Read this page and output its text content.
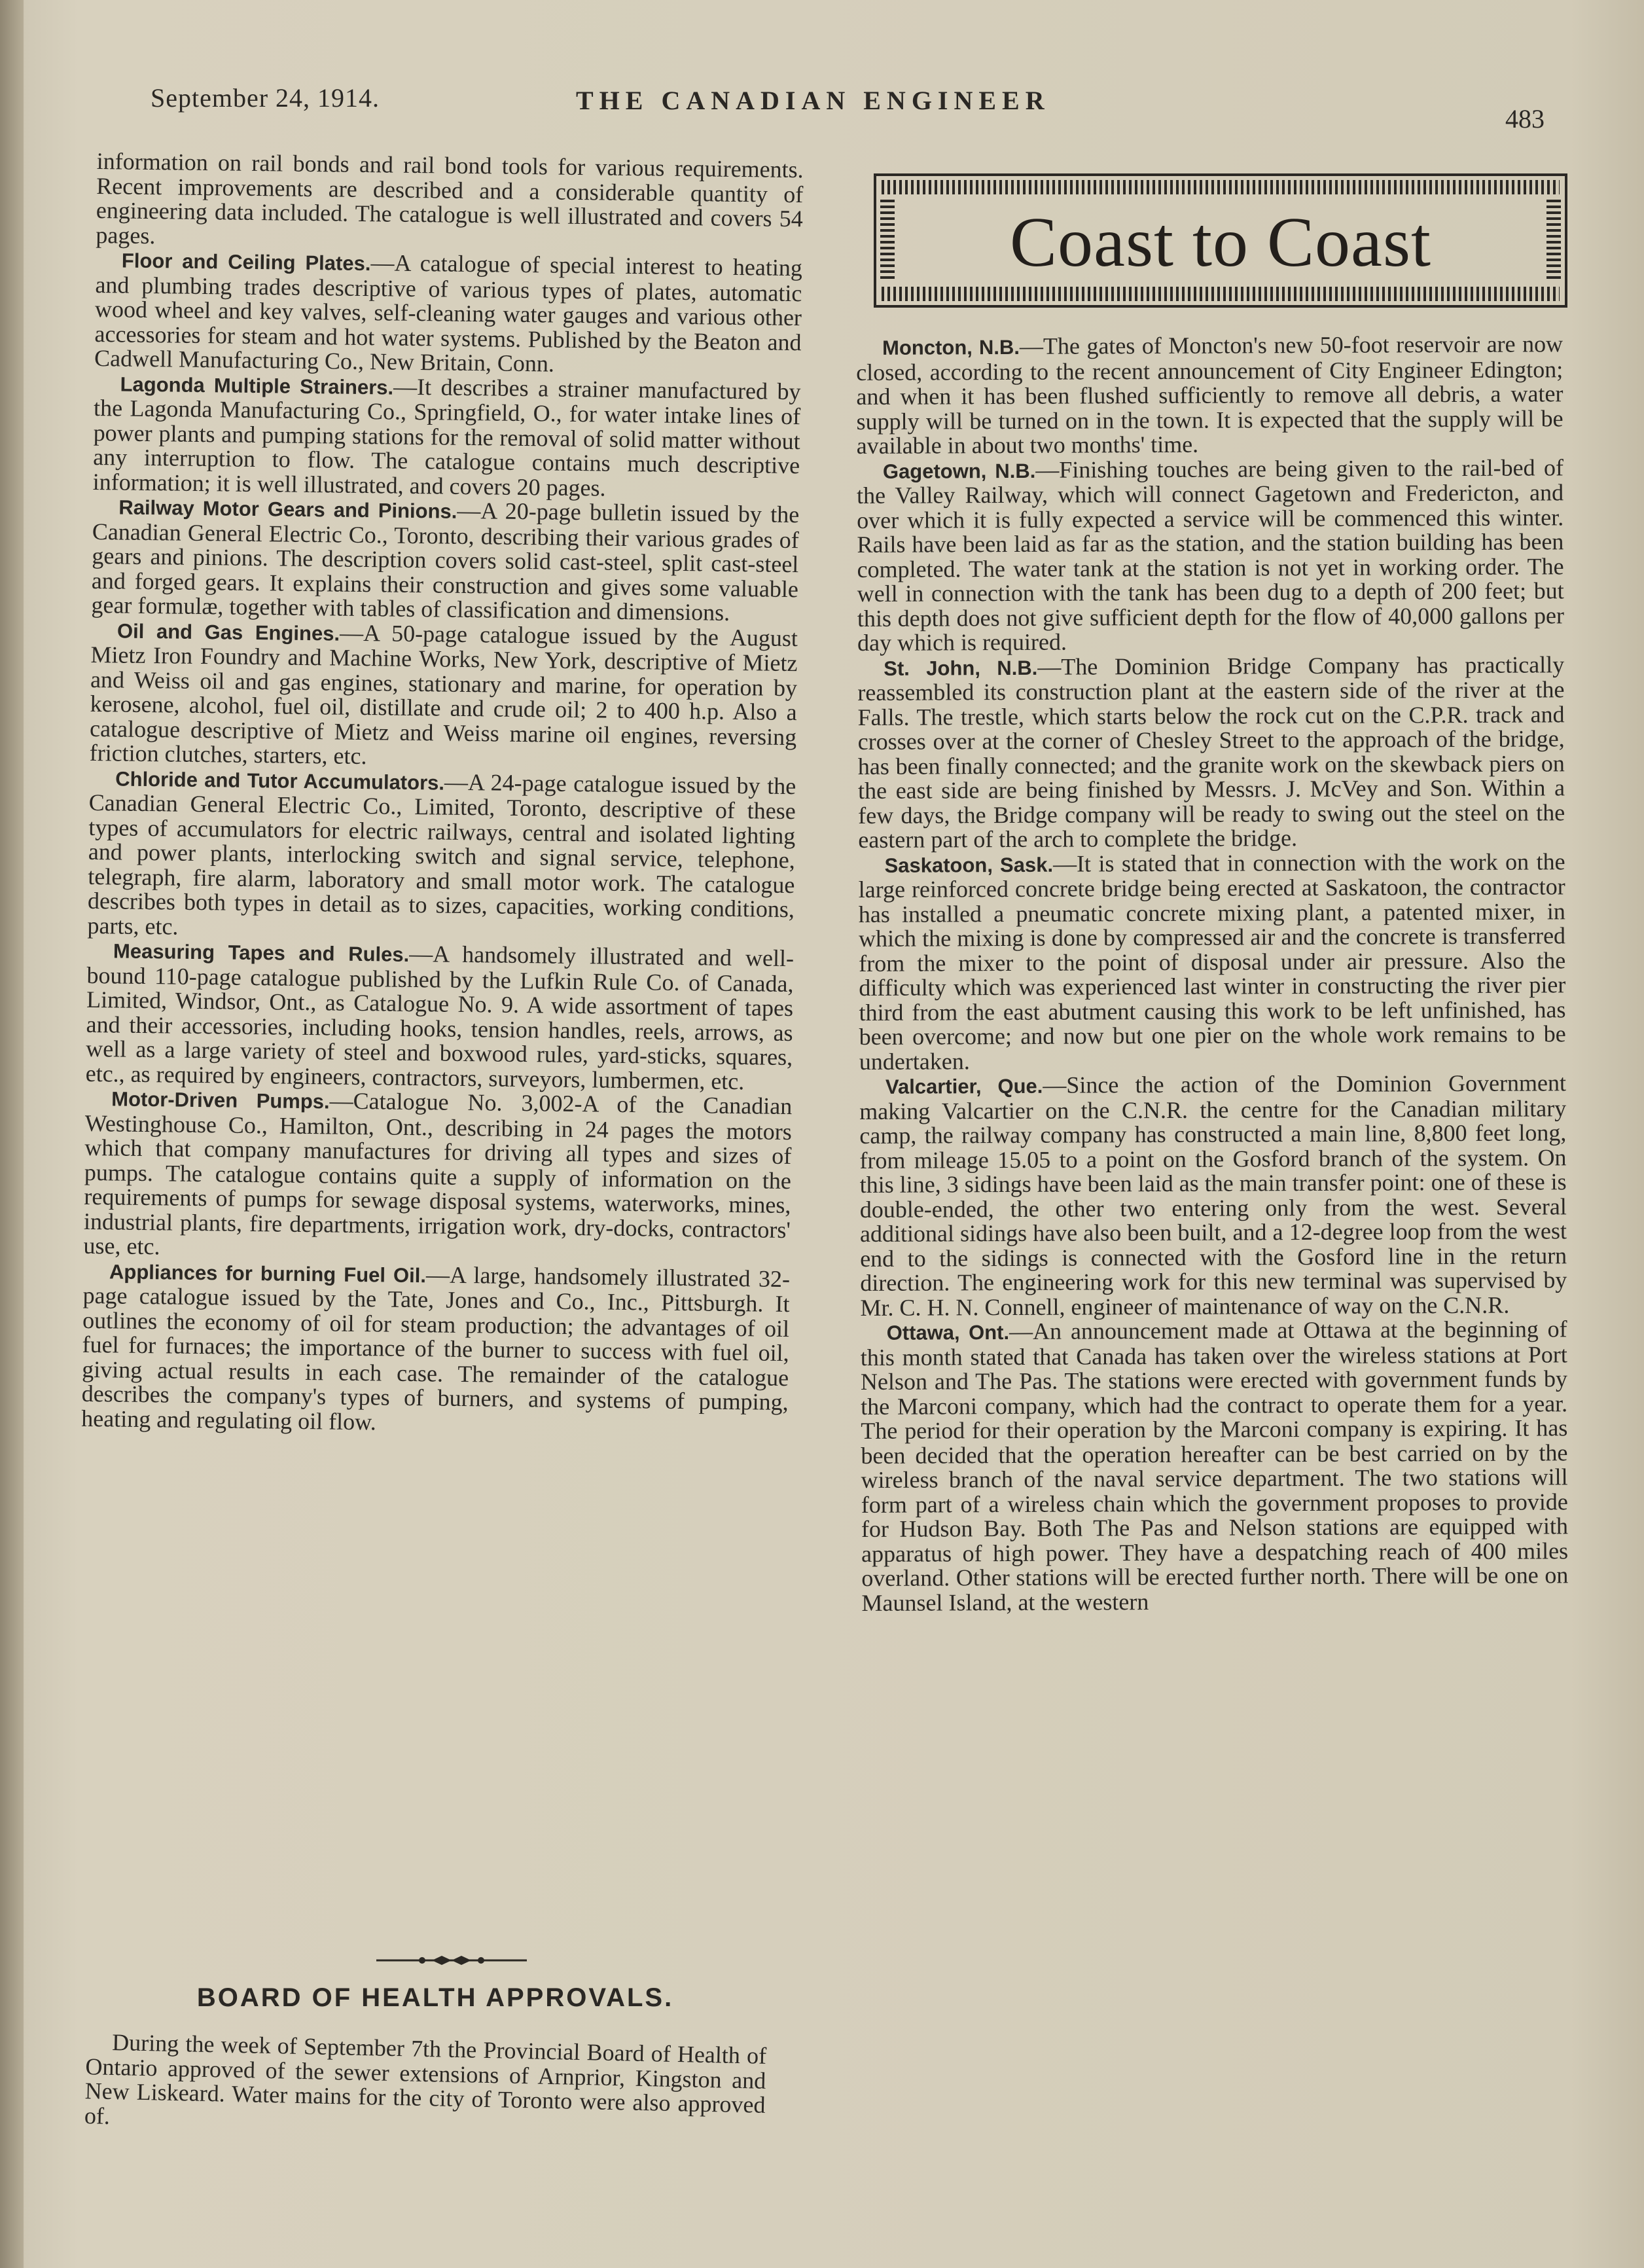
September 24, 1914.	THE CANADIAN ENGINEER
483

information on rail bonds and rail bond tools for various requirements. Recent improvements are described and a considerable quantity of engineering data included. The catalogue is well illustrated and covers 54 pages.

Floor and Ceiling Plates.—A catalogue of special interest to heating and plumbing trades descriptive of various types of plates, automatic wood wheel and key valves, self-cleaning water gauges and various other accessories for steam and hot water systems. Published by the Beaton and Cadwell Manufacturing Co., New Britain, Conn.

Lagonda Multiple Strainers.—It describes a strainer manufactured by the Lagonda Manufacturing Co., Springfield, O., for water intake lines of power plants and pumping stations for the removal of solid matter without any interruption to flow. The catalogue contains much descriptive information; it is well illustrated, and covers 20 pages.

Railway Motor Gears and Pinions.—A 20-page bulletin issued by the Canadian General Electric Co., Toronto, describing their various grades of gears and pinions. The description covers solid cast-steel, split cast-steel and forged gears. It explains their construction and gives some valuable gear formulæ, together with tables of classification and dimensions.

Oil and Gas Engines.—A 50-page catalogue issued by the August Mietz Iron Foundry and Machine Works, New York, descriptive of Mietz and Weiss oil and gas engines, stationary and marine, for operation by kerosene, alcohol, fuel oil, distillate and crude oil; 2 to 400 h.p. Also a catalogue descriptive of Mietz and Weiss marine oil engines, reversing friction clutches, starters, etc.

Chloride and Tutor Accumulators.—A 24-page catalogue issued by the Canadian General Electric Co., Limited, Toronto, descriptive of these types of accumulators for electric railways, central and isolated lighting and power plants, interlocking switch and signal service, telephone, telegraph, fire alarm, laboratory and small motor work. The catalogue describes both types in detail as to sizes, capacities, working conditions, parts, etc.

Measuring Tapes and Rules.—A handsomely illustrated and well-bound 110-page catalogue published by the Lufkin Rule Co. of Canada, Limited, Windsor, Ont., as Catalogue No. 9. A wide assortment of tapes and their accessories, including hooks, tension handles, reels, arrows, as well as a large variety of steel and boxwood rules, yard-sticks, squares, etc., as required by engineers, contractors, surveyors, lumbermen, etc.

Motor-Driven Pumps.—Catalogue No. 3,002-A of the Canadian Westinghouse Co., Hamilton, Ont., describing in 24 pages the motors which that company manufactures for driving all types and sizes of pumps. The catalogue contains quite a supply of information on the requirements of pumps for sewage disposal systems, waterworks, mines, industrial plants, fire departments, irrigation work, dry-docks, contractors' use, etc.

Appliances for burning Fuel Oil.—A large, handsomely illustrated 32-page catalogue issued by the Tate, Jones and Co., Inc., Pittsburgh. It outlines the economy of oil for steam production; the advantages of oil fuel for furnaces; the importance of the burner to success with fuel oil, giving actual results in each case. The remainder of the catalogue describes the company's types of burners, and systems of pumping, heating and regulating oil flow.

BOARD OF HEALTH APPROVALS.

During the week of September 7th the Provincial Board of Health of Ontario approved of the sewer extensions of Arnprior, Kingston and New Liskeard. Water mains for the city of Toronto were also approved of.

Coast to Coast

Moncton, N.B.—The gates of Moncton's new 50-foot reservoir are now closed, according to the recent announcement of City Engineer Edington; and when it has been flushed sufficiently to remove all debris, a water supply will be turned on in the town. It is expected that the supply will be available in about two months' time.

Gagetown, N.B.—Finishing touches are being given to the rail-bed of the Valley Railway, which will connect Gagetown and Fredericton, and over which it is fully expected a service will be commenced this winter. Rails have been laid as far as the station, and the station building has been completed. The water tank at the station is not yet in working order. The well in connection with the tank has been dug to a depth of 200 feet; but this depth does not give sufficient depth for the flow of 40,000 gallons per day which is required.

St. John, N.B.—The Dominion Bridge Company has practically reassembled its construction plant at the eastern side of the river at the Falls. The trestle, which starts below the rock cut on the C.P.R. track and crosses over at the corner of Chesley Street to the approach of the bridge, has been finally connected; and the granite work on the skewback piers on the east side are being finished by Messrs. J. McVey and Son. Within a few days, the Bridge company will be ready to swing out the steel on the eastern part of the arch to complete the bridge.

Saskatoon, Sask.—It is stated that in connection with the work on the large reinforced concrete bridge being erected at Saskatoon, the contractor has installed a pneumatic concrete mixing plant, a patented mixer, in which the mixing is done by compressed air and the concrete is transferred from the mixer to the point of disposal under air pressure. Also the difficulty which was experienced last winter in constructing the river pier third from the east abutment causing this work to be left unfinished, has been overcome; and now but one pier on the whole work remains to be undertaken.

Valcartier, Que.—Since the action of the Dominion Government making Valcartier on the C.N.R. the centre for the Canadian military camp, the railway company has constructed a main line, 8,800 feet long, from mileage 15.05 to a point on the Gosford branch of the system. On this line, 3 sidings have been laid as the main transfer point: one of these is double-ended, the other two entering only from the west. Several additional sidings have also been built, and a 12-degree loop from the west end to the sidings is connected with the Gosford line in the return direction. The engineering work for this new terminal was supervised by Mr. C. H. N. Connell, engineer of maintenance of way on the C.N.R.

Ottawa, Ont.—An announcement made at Ottawa at the beginning of this month stated that Canada has taken over the wireless stations at Port Nelson and The Pas. The stations were erected with government funds by the Marconi company, which had the contract to operate them for a year. The period for their operation by the Marconi company is expiring. It has been decided that the operation hereafter can be best carried on by the wireless branch of the naval service department. The two stations will form part of a wireless chain which the government proposes to provide for Hudson Bay. Both The Pas and Nelson stations are equipped with apparatus of high power. They have a despatching reach of 400 miles overland. Other stations will be erected further north. There will be one on Maunsel Island, at the western
